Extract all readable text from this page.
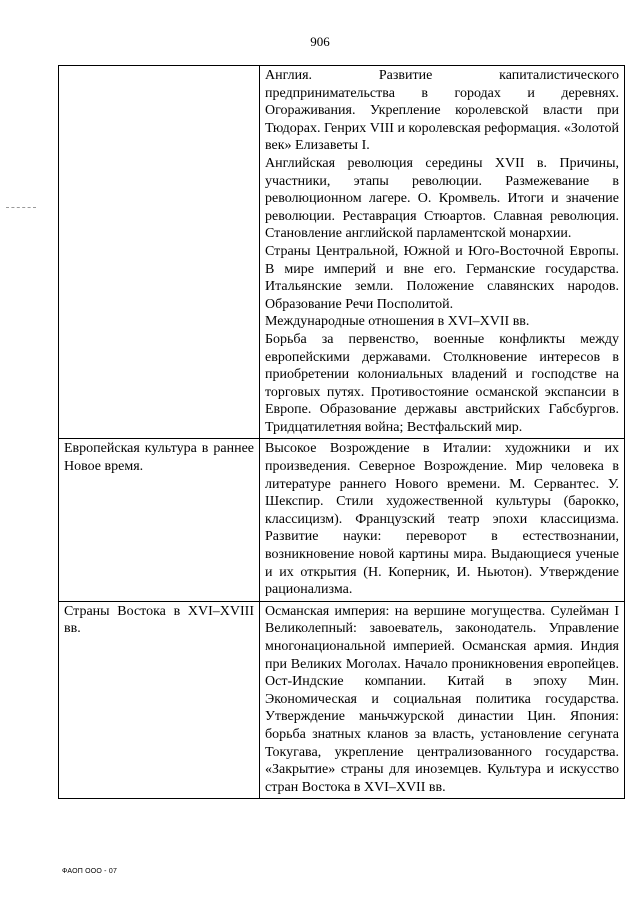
906

	Англия. Развитие капиталистического предпринимательства в городах и деревнях. Огораживания. Укрепление королевской власти при Тюдорах. Генрих VIII и королевская реформация. «Золотой век» Елизаветы I.

Английская революция середины XVII в. Причины, участники, этапы революции. Размежевание в революционном лагере. О. Кромвель. Итоги и значение революции. Реставрация Стюартов. Славная революция. Становление английской парламентской монархии.

Страны Центральной, Южной и Юго-Восточной Европы. В мире империй и вне его. Германские государства. Итальянские земли. Положение славянских народов. Образование Речи Посполитой.

Международные отношения в XVI–XVII вв.

Борьба за первенство, военные конфликты между европейскими державами. Столкновение интересов в приобретении колониальных владений и господстве на торговых путях. Противостояние османской экспансии в Европе. Образование державы австрийских Габсбургов. Тридцатилетняя война; Вестфальский мир.

Европейская культура в раннее Новое время.	Высокое Возрождение в Италии: художники и их произведения. Северное Возрождение. Мир человека в литературе раннего Нового времени. М. Сервантес. У. Шекспир. Стили художественной культуры (барокко, классицизм). Французский театр эпохи классицизма. Развитие науки: переворот в естествознании, возникновение новой картины мира. Выдающиеся ученые и их открытия (Н. Коперник, И. Ньютон). Утверждение рационализма.

Страны Востока в XVI–XVIII вв.	Османская империя: на вершине могущества. Сулейман I Великолепный: завоеватель, законодатель. Управление многонациональной империей. Османская армия. Индия при Великих Моголах. Начало проникновения европейцев. Ост-Индские компании. Китай в эпоху Мин. Экономическая и социальная политика государства. Утверждение маньчжурской династии Цин. Япония: борьба знатных кланов за власть, установление сегуната Токугава, укрепление централизованного государства. «Закрытие» страны для иноземцев. Культура и искусство стран Востока в XVI–XVII вв.

ФАОП ООО - 07
